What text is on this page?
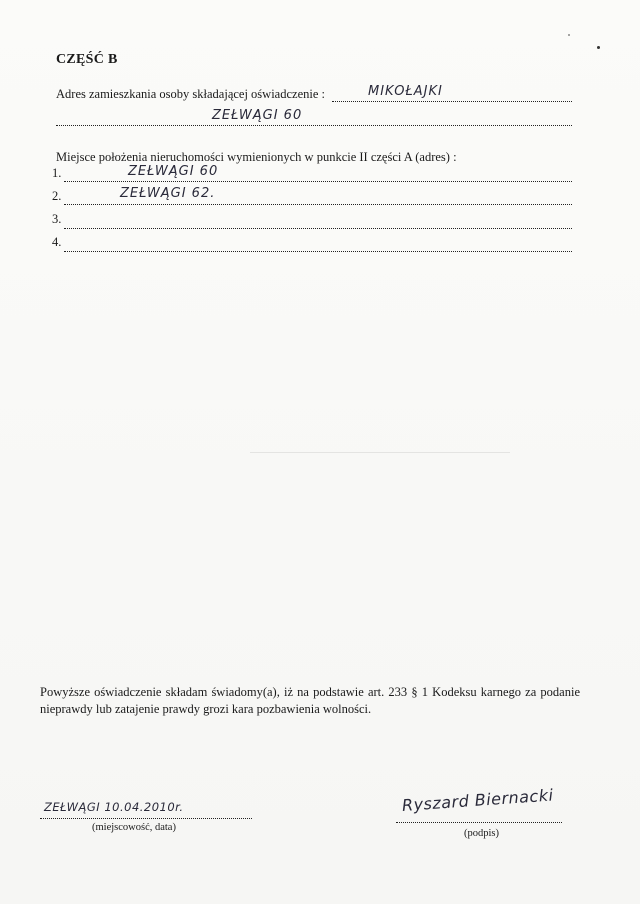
CZĘŚĆ B
Adres zamieszkania osoby składającej oświadczenie :	MIKOŁAJKI
ZEŁWĄGI 60
Miejsce położenia nieruchomości wymienionych w punkcie II części A (adres) :
1.	ZEŁWĄGI 60
2.	ZEŁWĄGI 62.
3.
4.
Powyższe oświadczenie składam świadomy(a), iż na podstawie art. 233 § 1 Kodeksu karnego za podanie nieprawdy lub zatajenie prawdy grozi kara pozbawienia wolności.
ZEŁWĄGI 10.04.2010r.
(miejscowość, data)
Ryszard Biernacki
(podpis)
